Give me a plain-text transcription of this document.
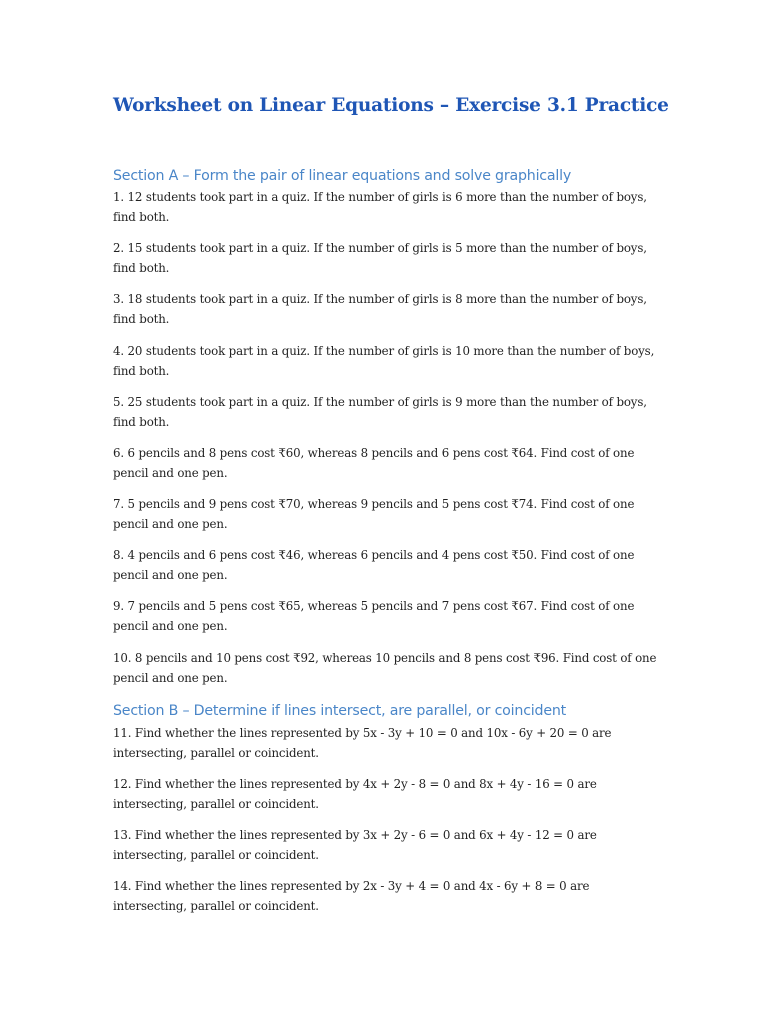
Worksheet on Linear Equations – Exercise 3.1 Practice
Section A – Form the pair of linear equations and solve graphically

1. 12 students took part in a quiz. If the number of girls is 6 more than the number of boys, find both.

2. 15 students took part in a quiz. If the number of girls is 5 more than the number of boys, find both.

3. 18 students took part in a quiz. If the number of girls is 8 more than the number of boys, find both.

4. 20 students took part in a quiz. If the number of girls is 10 more than the number of boys, find both.

5. 25 students took part in a quiz. If the number of girls is 9 more than the number of boys, find both.

6. 6 pencils and 8 pens cost ₹60, whereas 8 pencils and 6 pens cost ₹64. Find cost of one pencil and one pen.

7. 5 pencils and 9 pens cost ₹70, whereas 9 pencils and 5 pens cost ₹74. Find cost of one pencil and one pen.

8. 4 pencils and 6 pens cost ₹46, whereas 6 pencils and 4 pens cost ₹50. Find cost of one pencil and one pen.

9. 7 pencils and 5 pens cost ₹65, whereas 5 pencils and 7 pens cost ₹67. Find cost of one pencil and one pen.

10. 8 pencils and 10 pens cost ₹92, whereas 10 pencils and 8 pens cost ₹96. Find cost of one pencil and one pen.

Section B – Determine if lines intersect, are parallel, or coincident

11. Find whether the lines represented by 5x - 3y + 10 = 0 and 10x - 6y + 20 = 0 are intersecting, parallel or coincident.

12. Find whether the lines represented by 4x + 2y - 8 = 0 and 8x + 4y - 16 = 0 are intersecting, parallel or coincident.

13. Find whether the lines represented by 3x + 2y - 6 = 0 and 6x + 4y - 12 = 0 are intersecting, parallel or coincident.

14. Find whether the lines represented by 2x - 3y + 4 = 0 and 4x - 6y + 8 = 0 are intersecting, parallel or coincident.
